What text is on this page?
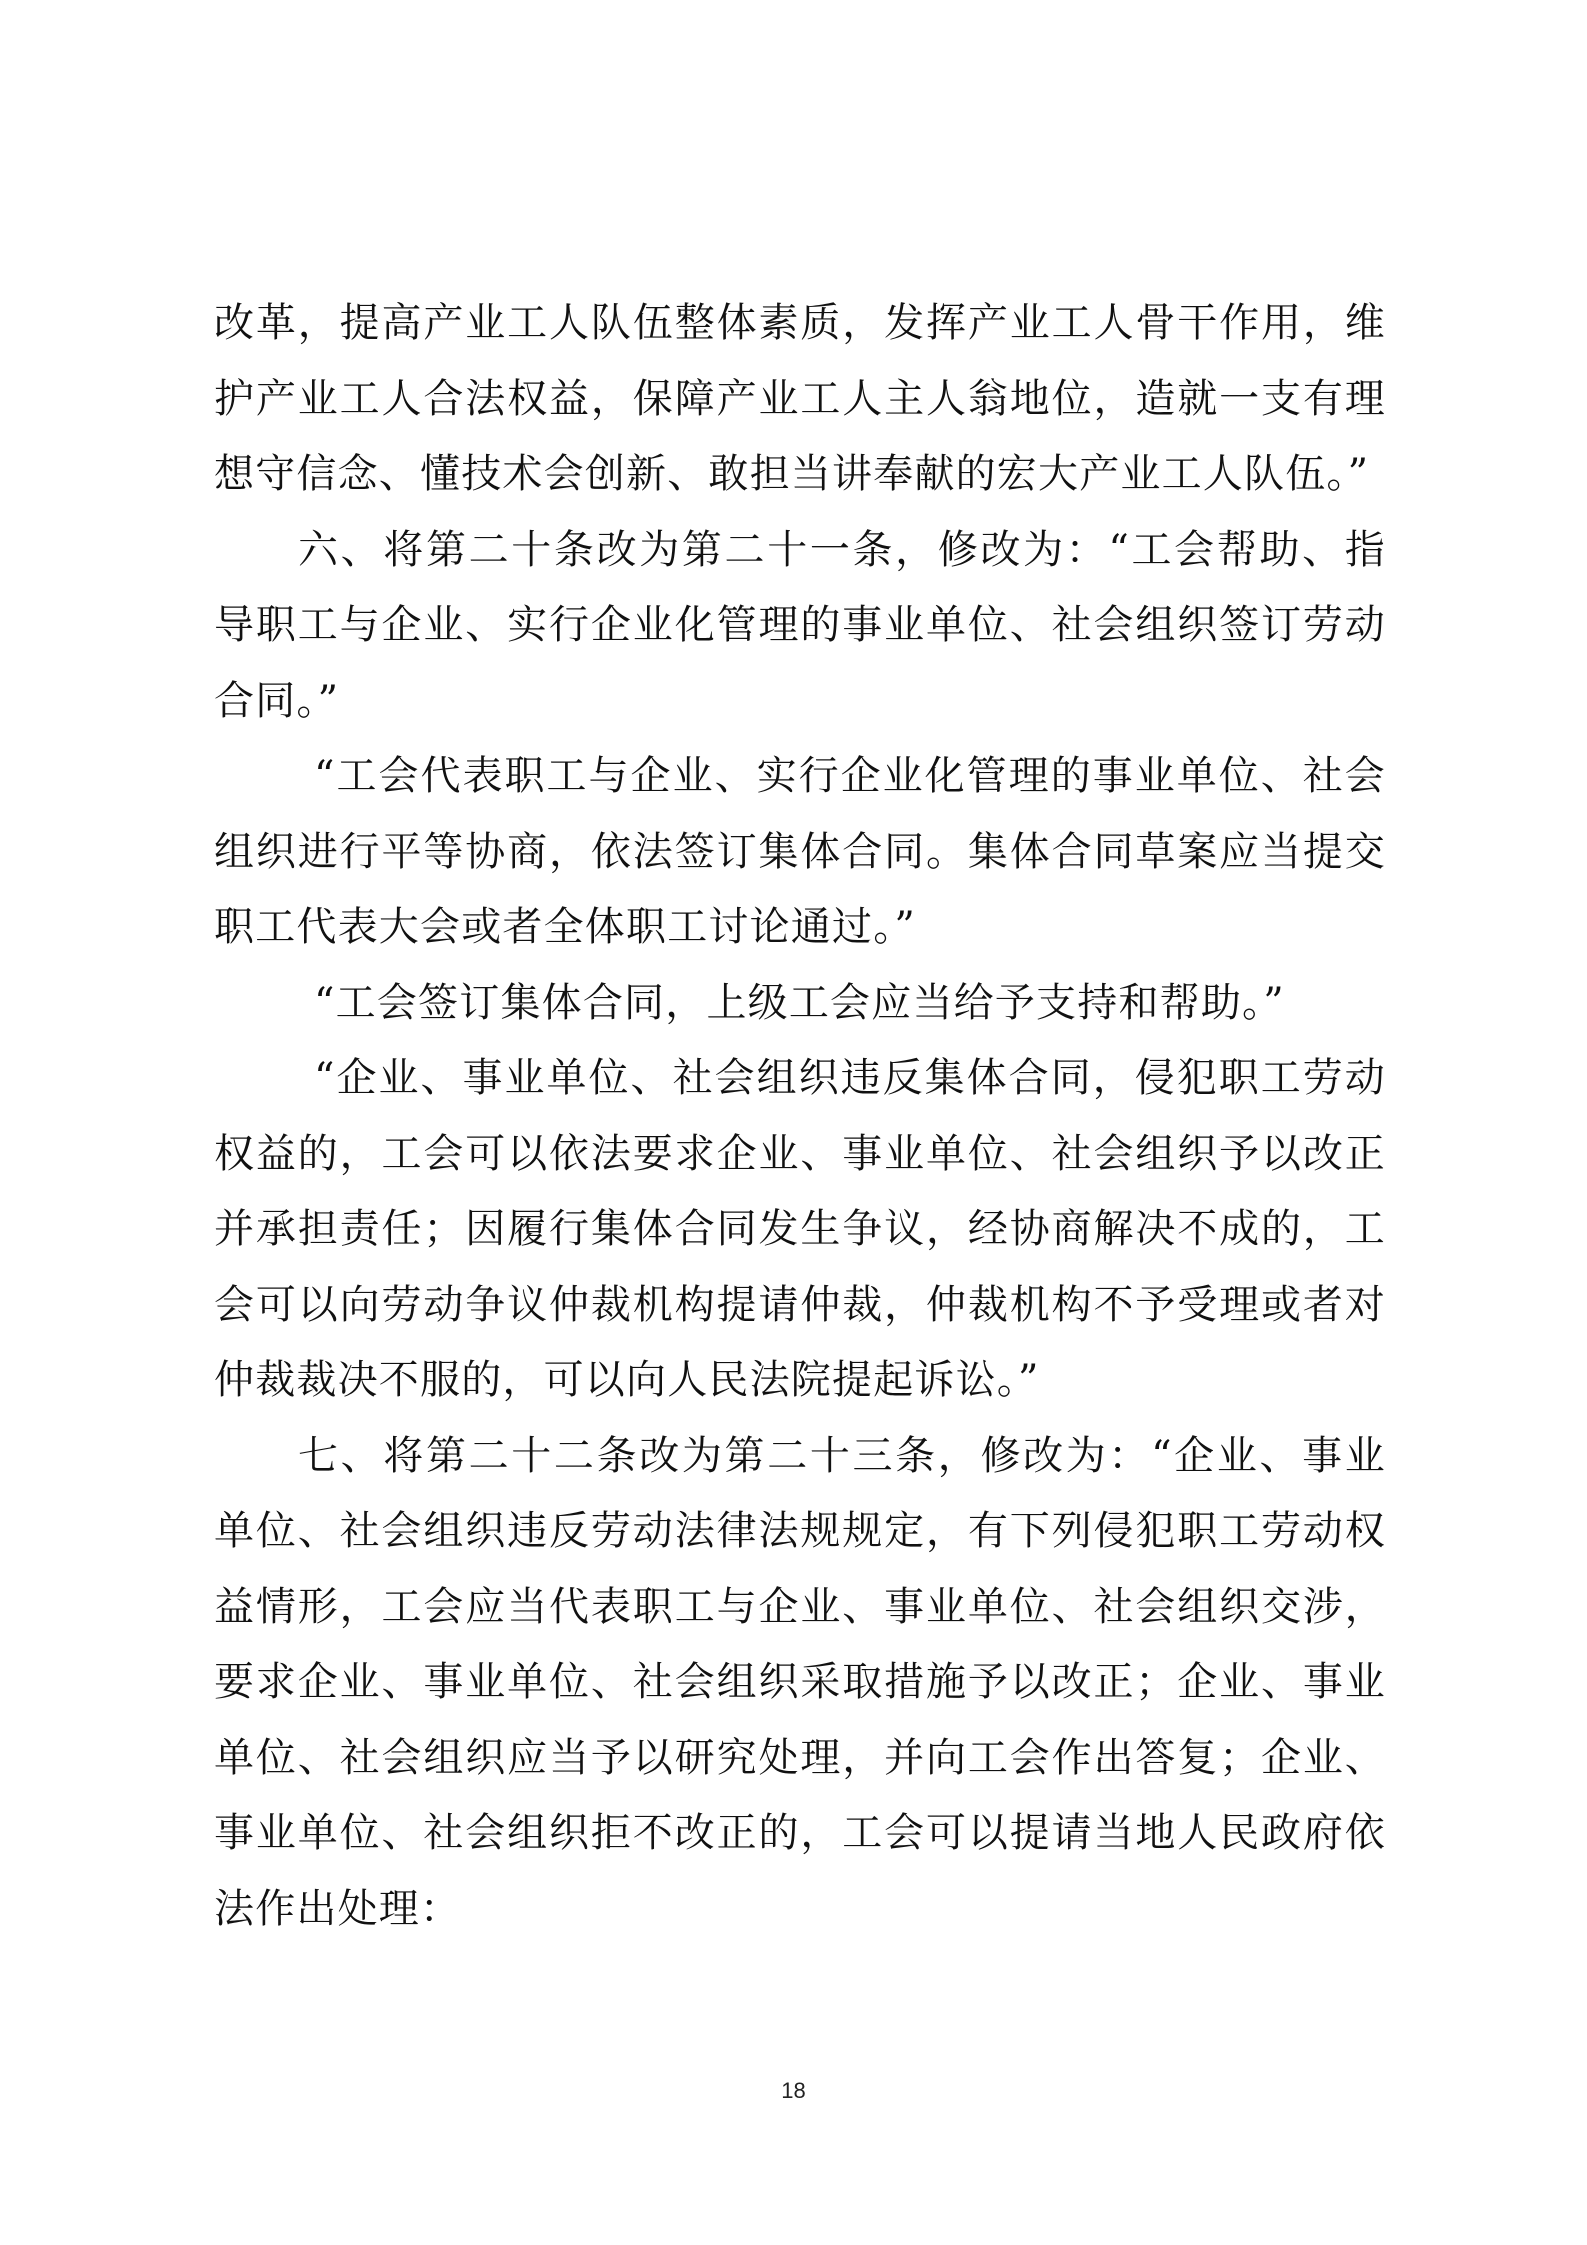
改革，提高产业工人队伍整体素质，发挥产业工人骨干作用，维护产业工人合法权益，保障产业工人主人翁地位，造就一支有理想守信念、懂技术会创新、敢担当讲奉献的宏大产业工人队伍。”

六、将第二十条改为第二十一条，修改为：“工会帮助、指导职工与企业、实行企业化管理的事业单位、社会组织签订劳动合同。”

“工会代表职工与企业、实行企业化管理的事业单位、社会组织进行平等协商，依法签订集体合同。集体合同草案应当提交职工代表大会或者全体职工讨论通过。”

“工会签订集体合同，上级工会应当给予支持和帮助。”

“企业、事业单位、社会组织违反集体合同，侵犯职工劳动权益的，工会可以依法要求企业、事业单位、社会组织予以改正并承担责任；因履行集体合同发生争议，经协商解决不成的，工会可以向劳动争议仲裁机构提请仲裁，仲裁机构不予受理或者对仲裁裁决不服的，可以向人民法院提起诉讼。”

七、将第二十二条改为第二十三条，修改为：“企业、事业单位、社会组织违反劳动法律法规规定，有下列侵犯职工劳动权益情形，工会应当代表职工与企业、事业单位、社会组织交涉，要求企业、事业单位、社会组织采取措施予以改正；企业、事业单位、社会组织应当予以研究处理，并向工会作出答复；企业、事业单位、社会组织拒不改正的，工会可以提请当地人民政府依法作出处理：

18
